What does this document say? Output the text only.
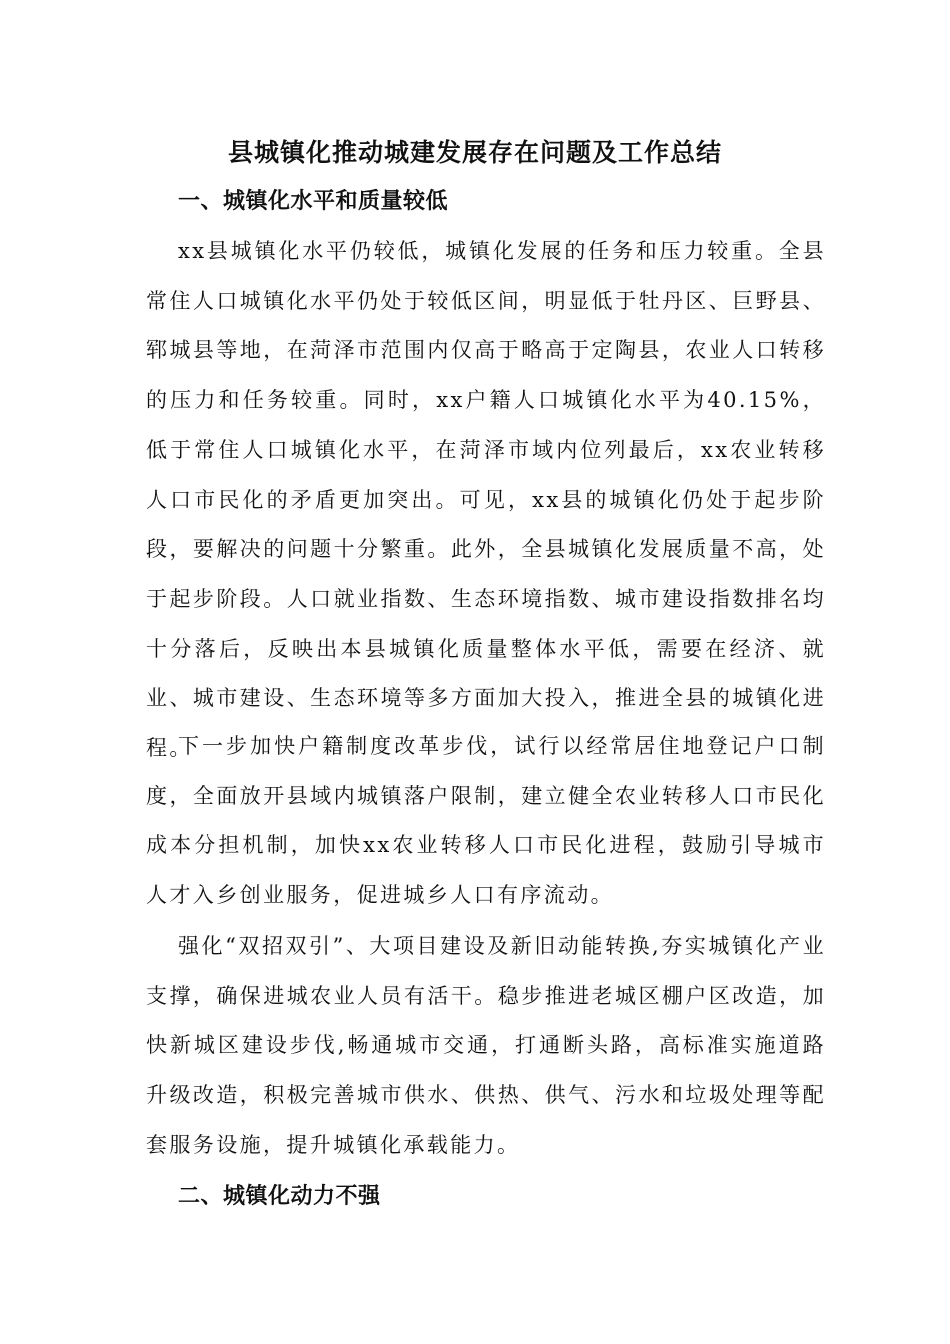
县城镇化推动城建发展存在问题及工作总结
一、城镇化水平和质量较低
xx县城镇化水平仍较低，城镇化发展的任务和压力较重。全县常住人口城镇化水平仍处于较低区间，明显低于牡丹区、巨野县、郓城县等地，在菏泽市范围内仅高于略高于定陶县，农业人口转移的压力和任务较重。同时，xx户籍人口城镇化水平为40.15%，低于常住人口城镇化水平，在菏泽市域内位列最后，xx农业转移人口市民化的矛盾更加突出。可见，xx县的城镇化仍处于起步阶段，要解决的问题十分繁重。此外，全县城镇化发展质量不高，处于起步阶段。人口就业指数、生态环境指数、城市建设指数排名均十分落后，反映出本县城镇化质量整体水平低，需要在经济、就业、城市建设、生态环境等多方面加大投入，推进全县的城镇化进程。
下一步加快户籍制度改革步伐，试行以经常居住地登记户口制度，全面放开县域内城镇落户限制，建立健全农业转移人口市民化成本分担机制，加快xx农业转移人口市民化进程，鼓励引导城市人才入乡创业服务，促进城乡人口有序流动。
强化“双招双引”、大项目建设及新旧动能转换,夯实城镇化产业支撑，确保进城农业人员有活干。稳步推进老城区棚户区改造，加快新城区建设步伐,畅通城市交通，打通断头路，高标准实施道路升级改造，积极完善城市供水、供热、供气、污水和垃圾处理等配套服务设施，提升城镇化承载能力。
二、城镇化动力不强
